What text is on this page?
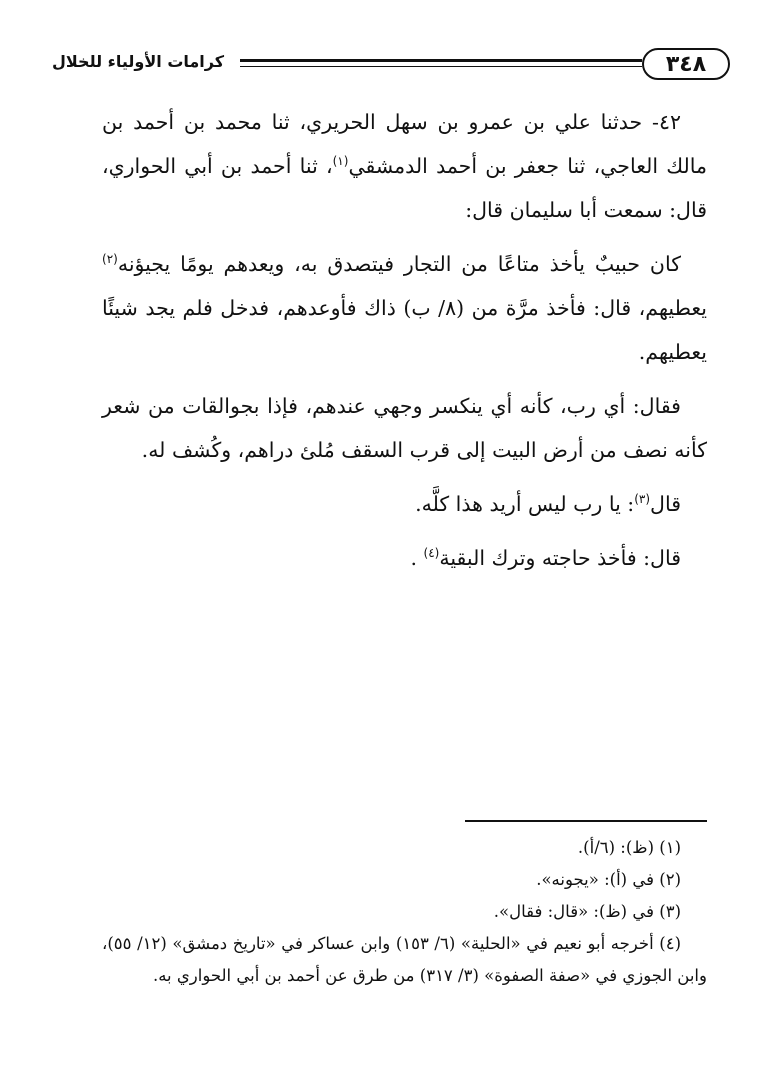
٣٤٨
كرامات الأولياء للخلال

٤٢- حدثنا علي بن عمرو بن سهل الحريري، ثنا محمد بن أحمد بن مالك العاجي، ثنا جعفر بن أحمد الدمشقي$^{(١)}$، ثنا أحمد بن أبي الحواري، قال: سمعت أبا سليمان قال:

كان حبيبٌ يأخذ متاعًا من التجار فيتصدق به، ويعدهم يومًا يجيؤنه$^{(٢)}$ يعطيهم، قال: فأخذ مرَّة من (٨/ ب) ذاك فأوعدهم، فدخل فلم يجد شيئًا يعطيهم.

فقال: أي رب، كأنه أي ينكسر وجهي عندهم، فإذا بجوالقات من شعر كأنه نصف من أرض البيت إلى قرب السقف مُلئ دراهم، وكُشف له.

قال$^{(٣)}$: يا رب ليس أريد هذا كلَّه.

قال: فأخذ حاجته وترك البقية$^{(٤)}$ .

(١) (ظ): (٦/أ).

(٢) في (أ): «يجونه».

(٣) في (ظ): «قال: فقال».

(٤) أخرجه أبو نعيم في «الحلية» (٦/ ١٥٣) وابن عساكر في «تاريخ دمشق» (١٢/ ٥٥)، وابن الجوزي في «صفة الصفوة» (٣/ ٣١٧) من طرق عن أحمد بن أبي الحواري به.
